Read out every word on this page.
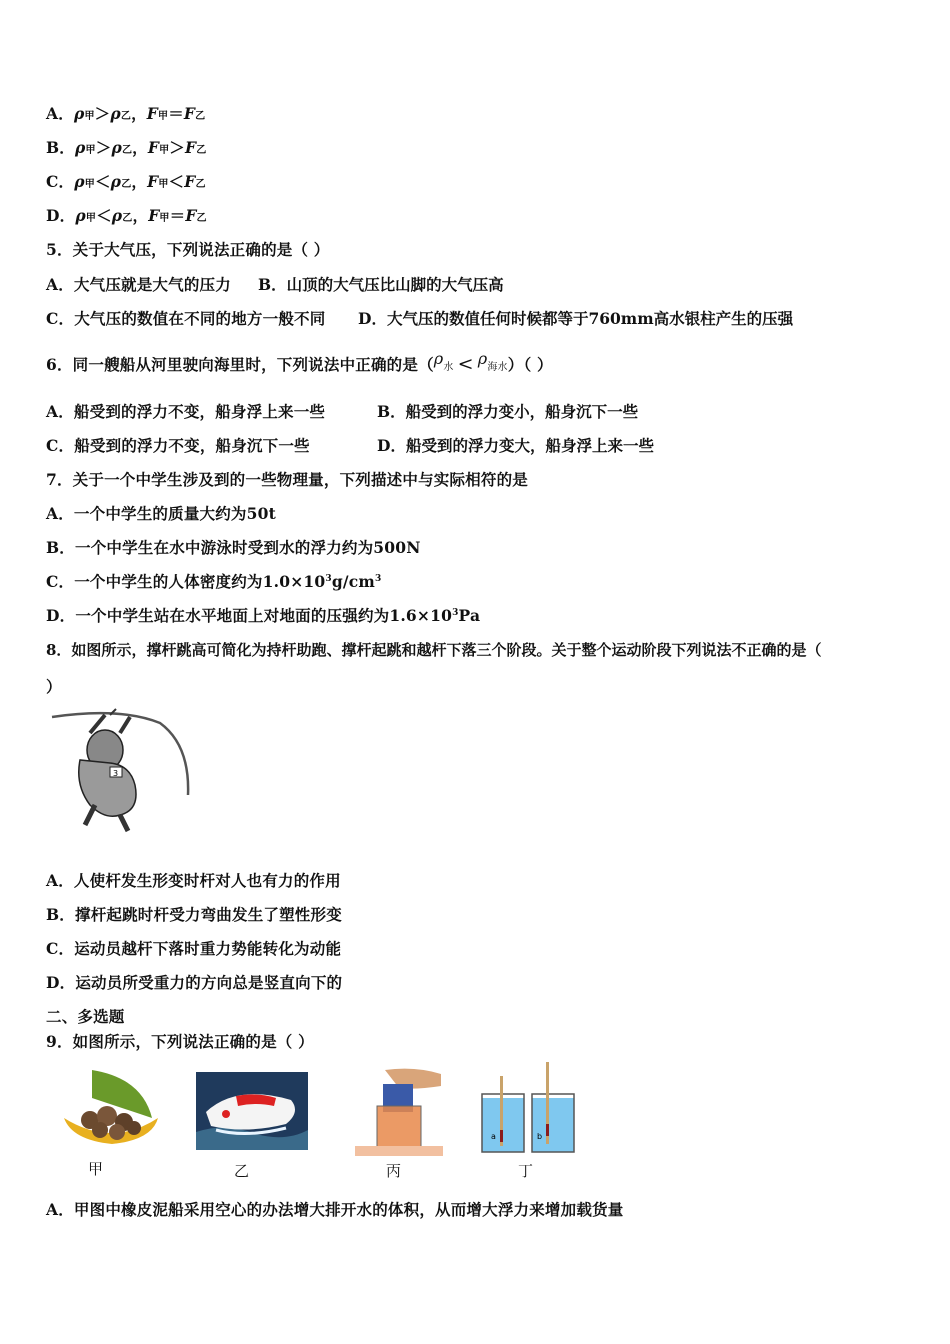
A．ρ甲＞ρ乙，F甲＝F乙
B．ρ甲＞ρ乙，F甲＞F乙
C．ρ甲＜ρ乙，F甲＜F乙
D．ρ甲＜ρ乙，F甲＝F乙
5．关于大气压，下列说法正确的是（ ）
A．大气压就是大气的压力 B．山顶的大气压比山脚的大气压高
C．大气压的数值在不同的地方一般不同 D．大气压的数值任何时候都等于760mm高水银柱产生的压强
6．同一艘船从河里驶向海里时，下列说法中正确的是（ρ水 < ρ海水）（ ）
A．船受到的浮力不变，船身浮上来一些	B．船受到的浮力变小，船身沉下一些
C．船受到的浮力不变，船身沉下一些	D．船受到的浮力变大，船身浮上来一些
7．关于一个中学生涉及到的一些物理量，下列描述中与实际相符的是
A．一个中学生的质量大约为50t
B．一个中学生在水中游泳时受到水的浮力约为500N
C．一个中学生的人体密度约为$1.0\times 10^3g/cm^3$
D．一个中学生站在水平地面上对地面的压强约为$1.6\times 10^3Pa$
8．如图所示，撑杆跳高可简化为持杆助跑、撑杆起跳和越杆下落三个阶段。关于整个运动阶段下列说法不正确的是（
）
3
A．人使杆发生形变时杆对人也有力的作用
B．撑杆起跳时杆受力弯曲发生了塑性形变
C．运动员越杆下落时重力势能转化为动能
D．运动员所受重力的方向总是竖直向下的
二、多选题
9．如图所示，下列说法正确的是（ ）
甲	乙	丙
a	b
丁
A．甲图中橡皮泥船采用空心的办法增大排开水的体积，从而增大浮力来增加载货量
